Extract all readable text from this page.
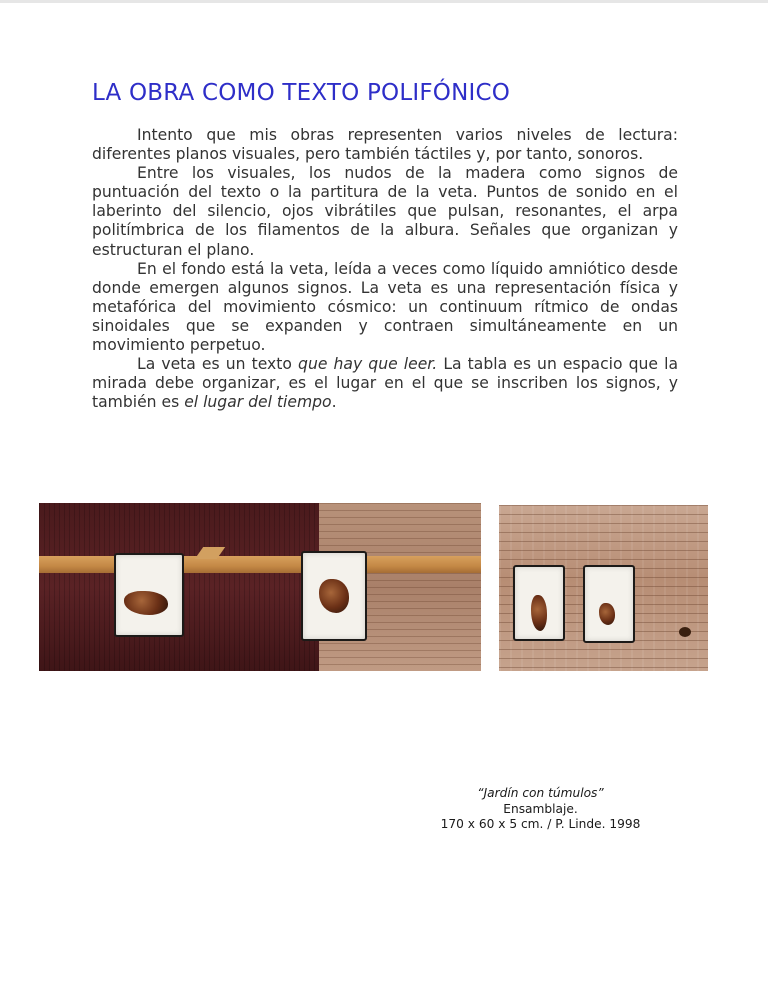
LA OBRA COMO TEXTO POLIFÓNICO

Intento que mis obras representen varios niveles de lectura: diferentes planos visuales, pero también táctiles y, por tanto, sonoros.

Entre los visuales, los nudos de la madera como signos de puntuación del texto o la partitura de la veta. Puntos de sonido en el laberinto del silencio, ojos vibrátiles que pulsan, resonantes, el arpa politímbrica de los filamentos de la albura. Señales que organizan y estructuran el plano.

En el fondo está la veta, leída a veces como líquido amniótico desde donde emergen algunos signos. La veta es una representación física y metafórica del movimiento cósmico: un continuum rítmico de ondas sinoidales que se expanden y contraen simultáneamente en un movimiento perpetuo.

La veta es un texto que hay que leer. La tabla es un espacio que la mirada debe organizar, es el lugar en el que se inscriben los signos, y también es el lugar del tiempo.

“Jardín con túmulos”
Ensamblaje.
170 x 60 x 5 cm. / P. Linde. 1998
